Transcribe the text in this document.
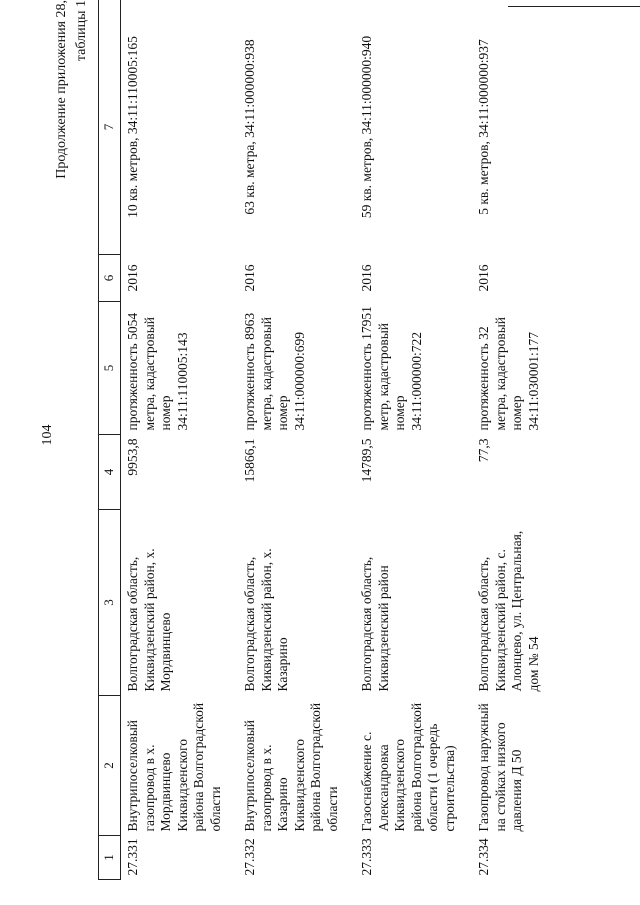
104
Продолжение приложения 28, таблицы 1
1	2	3	4	5	6	7
27.331	Внутрипоселковый газопровод в х. Мордвинцево Киквидзенского района Волгоградской области	Волгоградская область, Киквидзенский район, х. Мордвинцево	9953,8	протяженность 5054 метра, кадастровый номер 34:11:110005:143	2016	10 кв. метров, 34:11:110005:165
27.332	Внутрипоселковый газопровод в х. Казарино Киквидзенского района Волгоградской области	Волгоградская область, Киквидзенский район, х. Казарино	15866,1	протяженность 8963 метра, кадастровый номер 34:11:000000:699	2016	63 кв. метра, 34:11:000000:938
27.333	Газоснабжение с. Александровка Киквидзенского района Волгоградской области (1 очередь строительства)	Волгоградская область, Киквидзенский район	14789,5	протяженность 17951 метр, кадастровый номер 34:11:000000:722	2016	59 кв. метров, 34:11:000000:940
27.334	Газопровод наружный на стойках низкого давления Д 50	Волгоградская область, Киквидзенский район, с. Алонцево, ул. Центральная, дом № 54	77,3	протяженность 32 метра, кадастровый номер 34:11:030001:177	2016	5 кв. метров, 34:11:000000:937
